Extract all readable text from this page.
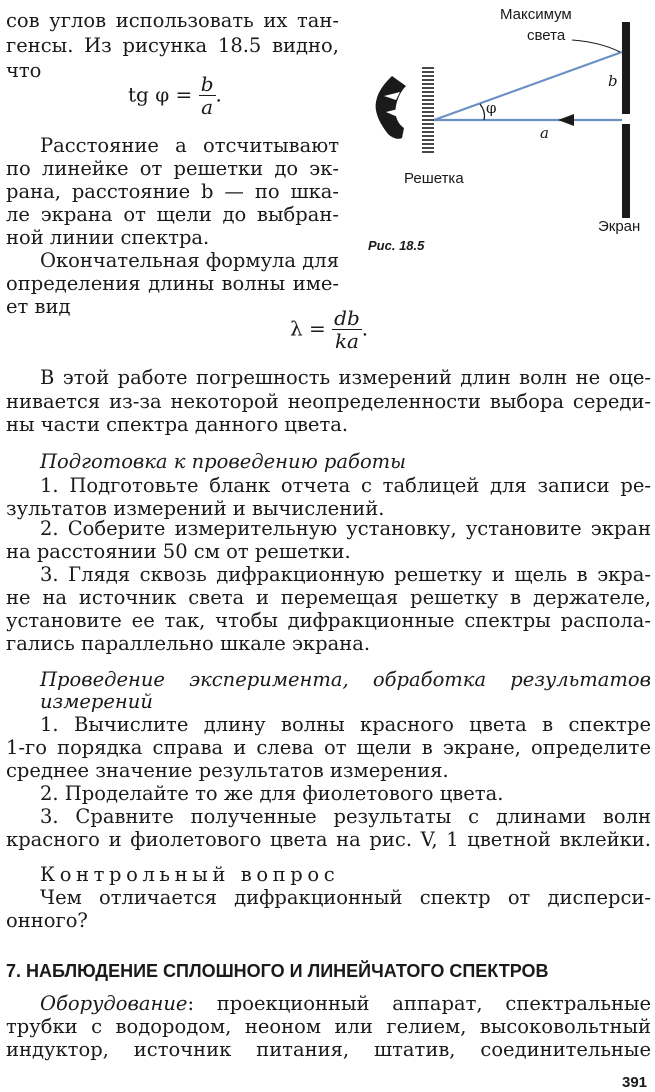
сов углов использовать их тан-
генсы. Из рисунка 18.5 видно,
что
tg $\varphi = \frac{b}{a}$ .
Расстояние a отсчитывают
по линейке от решетки до эк-
рана, расстояние b — по шка-
ле экрана от щели до выбран-
ной линии спектра.
Окончательная формула для
определения длины волны име-
ет вид
$\lambda = \frac{db}{ka}$ .
Максимум
света
b
φ
a
Решетка
Экран
Рис. 18.5
В этой работе погрешность измерений длин волн не оце-
нивается из-за некоторой неопределенности выбора середи-
ны части спектра данного цвета.
Подготовка к проведению работы
1. Подготовьте бланк отчета с таблицей для записи ре-
зультатов измерений и вычислений.
2. Соберите измерительную установку, установите экран
на расстоянии 50 см от решетки.
3. Глядя сквозь дифракционную решетку и щель в экра-
не на источник света и перемещая решетку в держателе,
установите ее так, чтобы дифракционные спектры распола-
гались параллельно шкале экрана.
Проведение эксперимента, обработка результатов
измерений
1. Вычислите длину волны красного цвета в спектре
1-го порядка справа и слева от щели в экране, определите
среднее значение результатов измерения.
2. Проделайте то же для фиолетового цвета.
3. Сравните полученные результаты с длинами волн
красного и фиолетового цвета на рис. V, 1 цветной вклейки.
Контрольный вопрос
Чем отличается дифракционный спектр от дисперси-
онного?
7. НАБЛЮДЕНИЕ СПЛОШНОГО И ЛИНЕЙЧАТОГО СПЕКТРОВ
Оборудование : проекционный аппарат, спектральные
трубки с водородом, неоном или гелием, высоковольтный
индуктор, источник питания, штатив, соединительные
391
